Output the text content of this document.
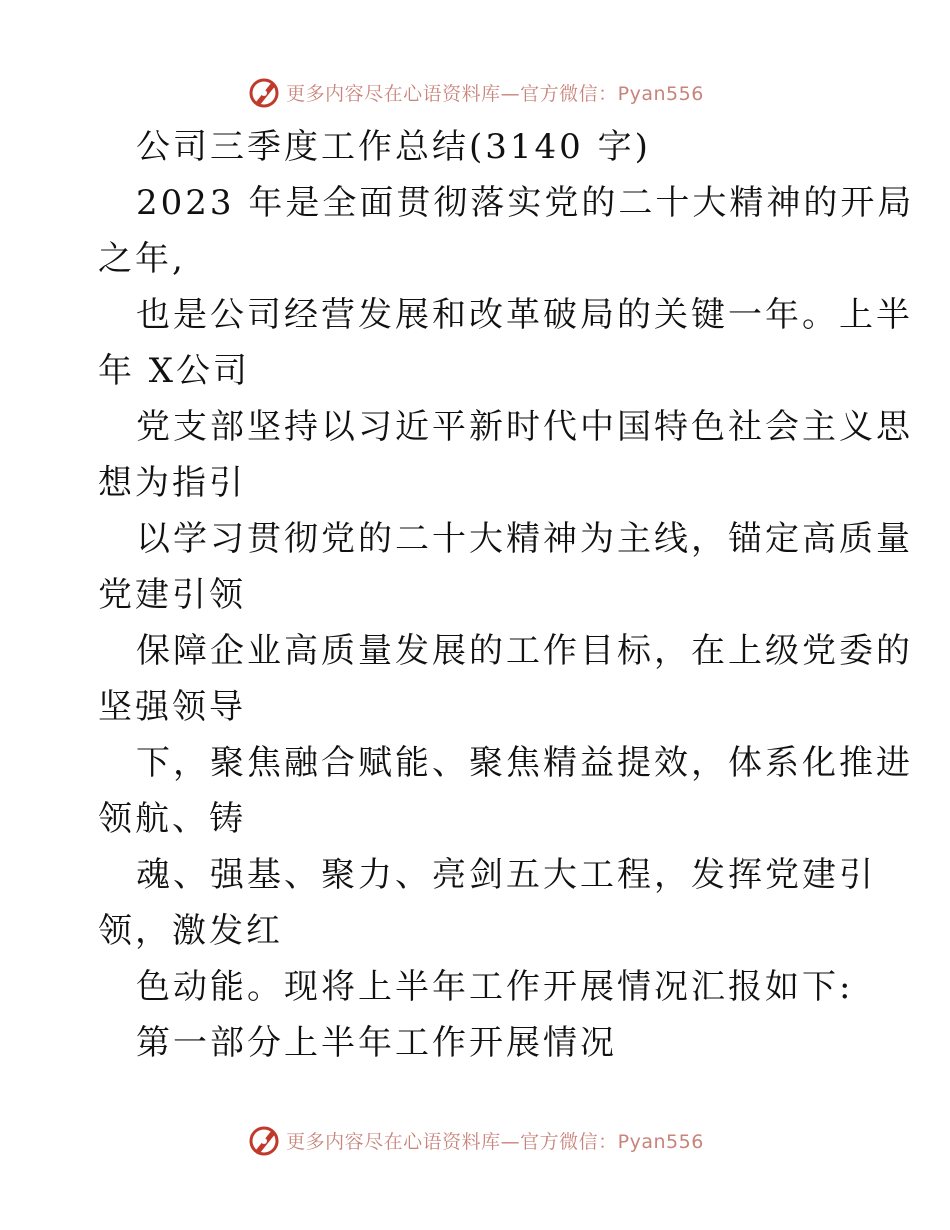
更多内容尽在心语资料库—官方微信：Pyan556
公司三季度工作总结(3140 字)
2023 年是全面贯彻落实党的二十大精神的开局
之年,
也是公司经营发展和改革破局的关键一年。上半
年 X公司
党支部坚持以习近平新时代中国特色社会主义思
想为指引
以学习贯彻党的二十大精神为主线，锚定高质量
党建引领
保障企业高质量发展的工作目标，在上级党委的
坚强领导
下，聚焦融合赋能、聚焦精益提效，体系化推进
领航、铸
魂、强基、聚力、亮剑五大工程，发挥党建引
领，激发红
色动能。现将上半年工作开展情况汇报如下:
第一部分上半年工作开展情况
更多内容尽在心语资料库—官方微信：Pyan556
